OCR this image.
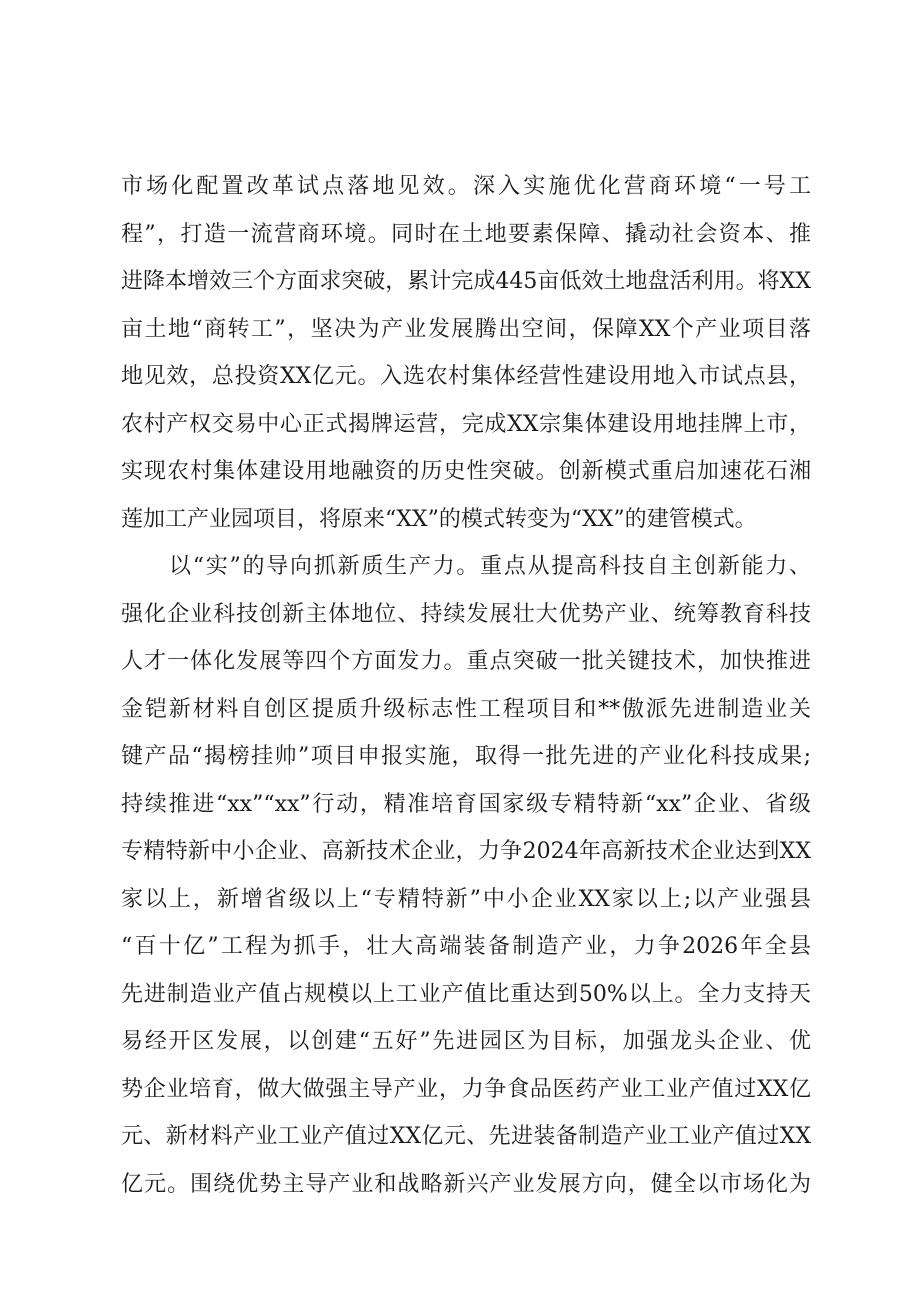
市场化配置改革试点落地见效。深入实施优化营商环境“一号工
程”，打造一流营商环境。同时在土地要素保障、撬动社会资本、推
进降本增效三个方面求突破，累计完成445亩低效土地盘活利用。将XX
亩土地“商转工”，坚决为产业发展腾出空间，保障XX个产业项目落
地见效，总投资XX亿元。入选农村集体经营性建设用地入市试点县，
农村产权交易中心正式揭牌运营，完成XX宗集体建设用地挂牌上市，
实现农村集体建设用地融资的历史性突破。创新模式重启加速花石湘
莲加工产业园项目，将原来“XX”的模式转变为“XX”的建管模式。
以“实”的导向抓新质生产力。重点从提高科技自主创新能力、
强化企业科技创新主体地位、持续发展壮大优势产业、统筹教育科技
人才一体化发展等四个方面发力。重点突破一批关键技术，加快推进
金铠新材料自创区提质升级标志性工程项目和**傲派先进制造业关
键产品“揭榜挂帅”项目申报实施，取得一批先进的产业化科技成果;
持续推进“xx”“xx”行动，精准培育国家级专精特新“xx”企业、省级
专精特新中小企业、高新技术企业，力争2024年高新技术企业达到XX
家以上，新增省级以上“专精特新”中小企业XX家以上;以产业强县
“百十亿”工程为抓手，壮大高端装备制造产业，力争2026年全县
先进制造业产值占规模以上工业产值比重达到50%以上。全力支持天
易经开区发展，以创建“五好”先进园区为目标，加强龙头企业、优
势企业培育，做大做强主导产业，力争食品医药产业工业产值过XX亿
元、新材料产业工业产值过XX亿元、先进装备制造产业工业产值过XX
亿元。围绕优势主导产业和战略新兴产业发展方向，健全以市场化为
